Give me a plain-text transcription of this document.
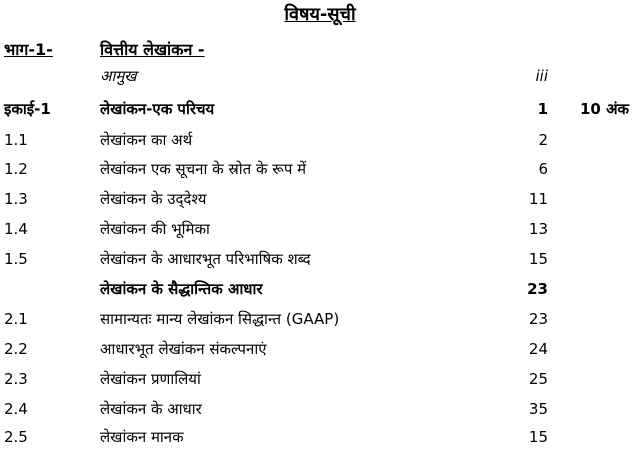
विषय-सूची
भाग-1-	वित्तीय लेखांकन -
आमुख	iii
इकाई-1	लेखांकन-एक परिचय	1 10 अंक
1.1	लेखांकन का अर्थ	2
1.2	लेखांकन एक सूचना के स्रोत के रूप में	6
1.3	लेखांकन के उद्‌देश्य	11
1.4	लेखांकन की भूमिका	13
1.5	लेखांकन के आधारभूत परिभाषिक शब्द	15
लेखांकन के सैद्धान्तिक आधार	23
2.1	सामान्यतः मान्य लेखांकन सिद्धान्त (GAAP)	23
2.2	आधारभूत लेखांकन संकल्पनाएं	24
2.3	लेखांकन प्रणालियां	25
2.4	लेखांकन के आधार	35
2.5	लेखांकन मानक	15
